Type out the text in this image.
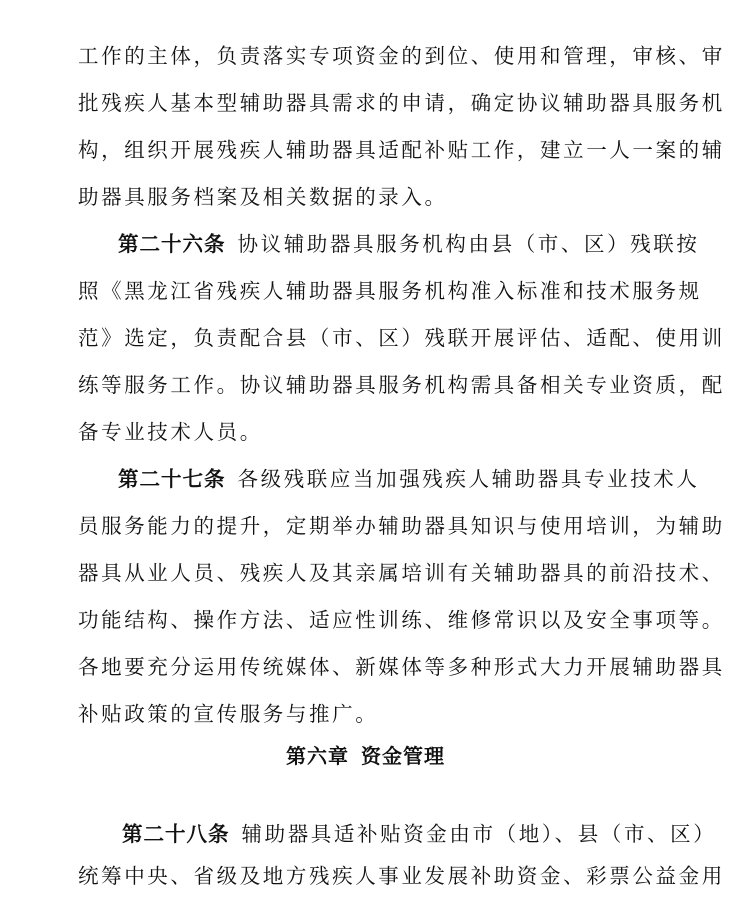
工作的主体，负责落实专项资金的到位、使用和管理，审核、审
批残疾人基本型辅助器具需求的申请，确定协议辅助器具服务机
构，组织开展残疾人辅助器具适配补贴工作，建立一人一案的辅
助器具服务档案及相关数据的录入。
第二十六条 协议辅助器具服务机构由县（市、区）残联按
照《黑龙江省残疾人辅助器具服务机构准入标准和技术服务规
范》选定，负责配合县（市、区）残联开展评估、适配、使用训
练等服务工作。协议辅助器具服务机构需具备相关专业资质，配
备专业技术人员。
第二十七条 各级残联应当加强残疾人辅助器具专业技术人
员服务能力的提升，定期举办辅助器具知识与使用培训，为辅助
器具从业人员、残疾人及其亲属培训有关辅助器具的前沿技术、
功能结构、操作方法、适应性训练、维修常识以及安全事项等。
各地要充分运用传统媒体、新媒体等多种形式大力开展辅助器具
补贴政策的宣传服务与推广。
第六章 资金管理
第二十八条 辅助器具适补贴资金由市（地）、县（市、区）
统筹中央、省级及地方残疾人事业发展补助资金、彩票公益金用
